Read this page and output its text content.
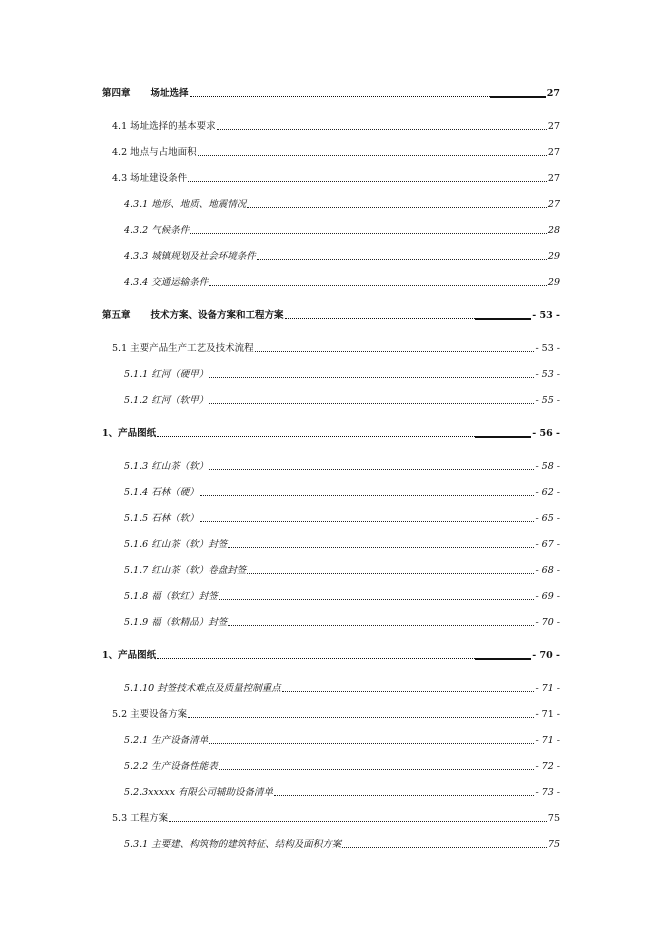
第四章 场址选择	27
4.1 场址选择的基本要求	27
4.2 地点与占地面积	27
4.3 场址建设条件	27
4.3.1 地形、地质、地震情况	27
4.3.2 气候条件	28
4.3.3 城镇规划及社会环境条件	29
4.3.4 交通运输条件	29
第五章 技术方案、设备方案和工程方案	- 53 -
5.1 主要产品生产工艺及技术流程	- 53 -
5.1.1 红河（硬甲）	- 53 -
5.1.2 红河（软甲）	- 55 -
1、产品图纸	- 56 -
5.1.3 红山茶（软）	- 58 -
5.1.4 石林（硬）	- 62 -
5.1.5 石林（软）	- 65 -
5.1.6 红山茶（软）封签	- 67 -
5.1.7 红山茶（软）卷盘封签	- 68 -
5.1.8 福（软红）封签	- 69 -
5.1.9 福（软精品）封签	- 70 -
1、产品图纸	- 70 -
5.1.10 封签技术难点及质量控制重点	- 71 -
5.2 主要设备方案	- 71 -
5.2.1 生产设备清单	- 71 -
5.2.2 生产设备性能表	- 72 -
5.2.3xxxxx 有限公司辅助设备清单	- 73 -
5.3 工程方案	75
5.3.1 主要建、构筑物的建筑特征、结构及面积方案	75
